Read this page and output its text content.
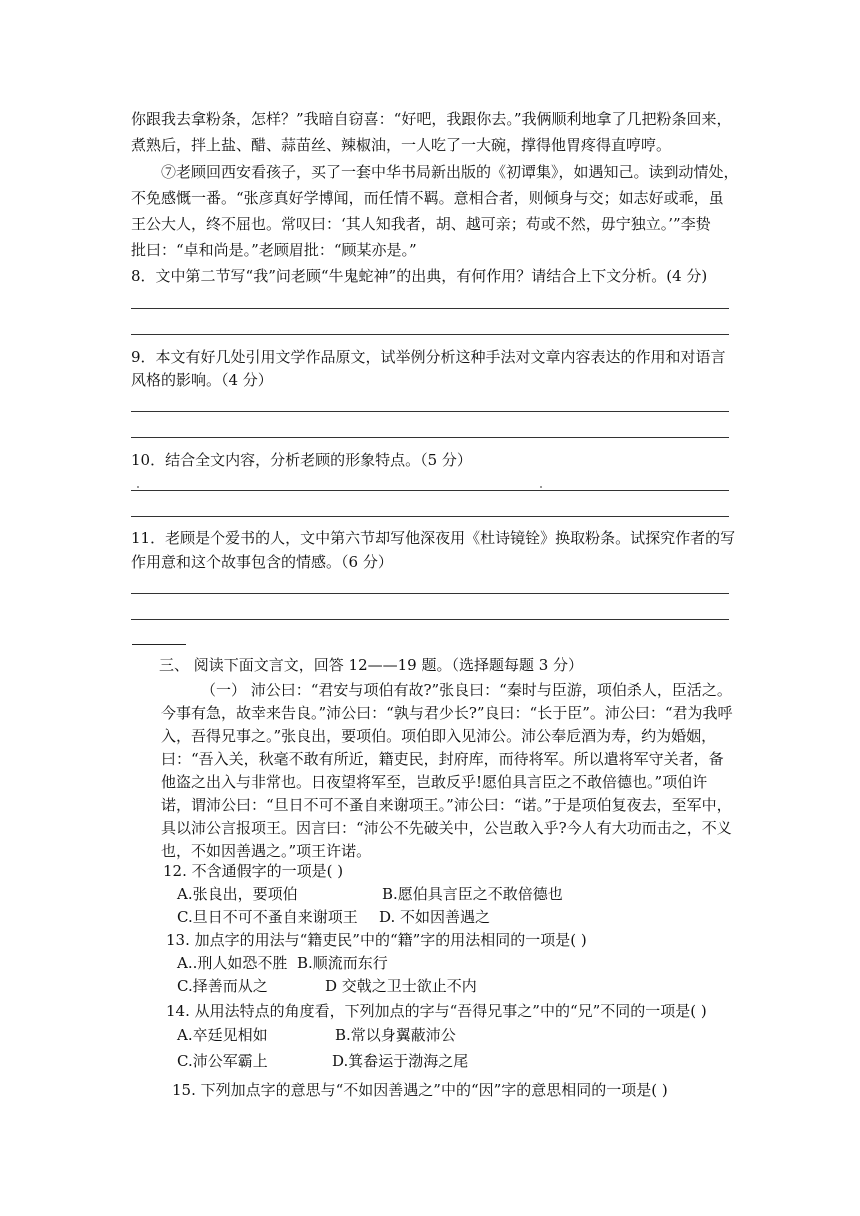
你跟我去拿粉条，怎样？”我暗自窃喜：“好吧，我跟你去。”我俩顺利地拿了几把粉条回来，
煮熟后，拌上盐、醋、蒜苗丝、辣椒油，一人吃了一大碗，撑得他胃疼得直哼哼。
⑦老顾回西安看孩子，买了一套中华书局新出版的《初谭集》，如遇知己。读到动情处，
不免感慨一番。“张彦真好学博闻，而任情不羁。意相合者，则倾身与交；如志好或乖，虽
王公大人，终不屈也。常叹曰：‘其人知我者，胡、越可亲；苟或不然，毋宁独立。’”李贽
批曰：“卓和尚是。”老顾眉批：“顾某亦是。”
8．文中第二节写“我”问老顾“牛鬼蛇神”的出典，有何作用？请结合上下文分析。(4 分)
9．本文有好几处引用文学作品原文，试举例分析这种手法对文章内容表达的作用和对语言
风格的影响。（4 分）
10．结合全文内容，分析老顾的形象特点。（5 分）
11．老顾是个爱书的人，文中第六节却写他深夜用《杜诗镜铨》换取粉条。试探究作者的写
作用意和这个故事包含的情感。（6 分）
三、 阅读下面文言文，回答 12——19 题。（选择题每题 3 分）
（一） 沛公曰：“君安与项伯有故?”张良曰：“秦时与臣游，项伯杀人，臣活之。
今事有急，故幸来告良。”沛公曰：“孰与君少长?”良曰：“长于臣”。沛公曰：“君为我呼
入，吾得兄事之。”张良出，要项伯。项伯即入见沛公。沛公奉卮酒为寿，约为婚姻，
曰：“吾入关，秋毫不敢有所近，籍吏民，封府库，而待将军。所以遣将军守关者，备
他盗之出入与非常也。日夜望将军至，岂敢反乎!愿伯具言臣之不敢倍德也。”项伯许
诺，谓沛公曰：“旦日不可不蚤自来谢项王。”沛公曰：“诺。”于是项伯复夜去，至军中，
具以沛公言报项王。因言曰：“沛公不先破关中，公岂敢入乎?今人有大功而击之，不义
也，不如因善遇之。”项王许诺。
12. 不含通假字的一项是( )
A.张良出，要项伯	B.愿伯具言臣之不敢倍德也
C.旦日不可不蚤自来谢项王 D. 不如因善遇之
13. 加点字的用法与“籍吏民”中的“籍”字的用法相同的一项是( )
A..刑人如恐不胜 B.顺流而东行
C.择善而从之	D 交戟之卫士欲止不内
14. 从用法特点的角度看，下列加点的字与“吾得兄事之”中的“兄”不同的一项是( )
A.卒廷见相如	B.常以身翼蔽沛公
C.沛公军霸上	D.箕畚运于渤海之尾
15. 下列加点字的意思与“不如因善遇之”中的“因”字的意思相同的一项是( )
